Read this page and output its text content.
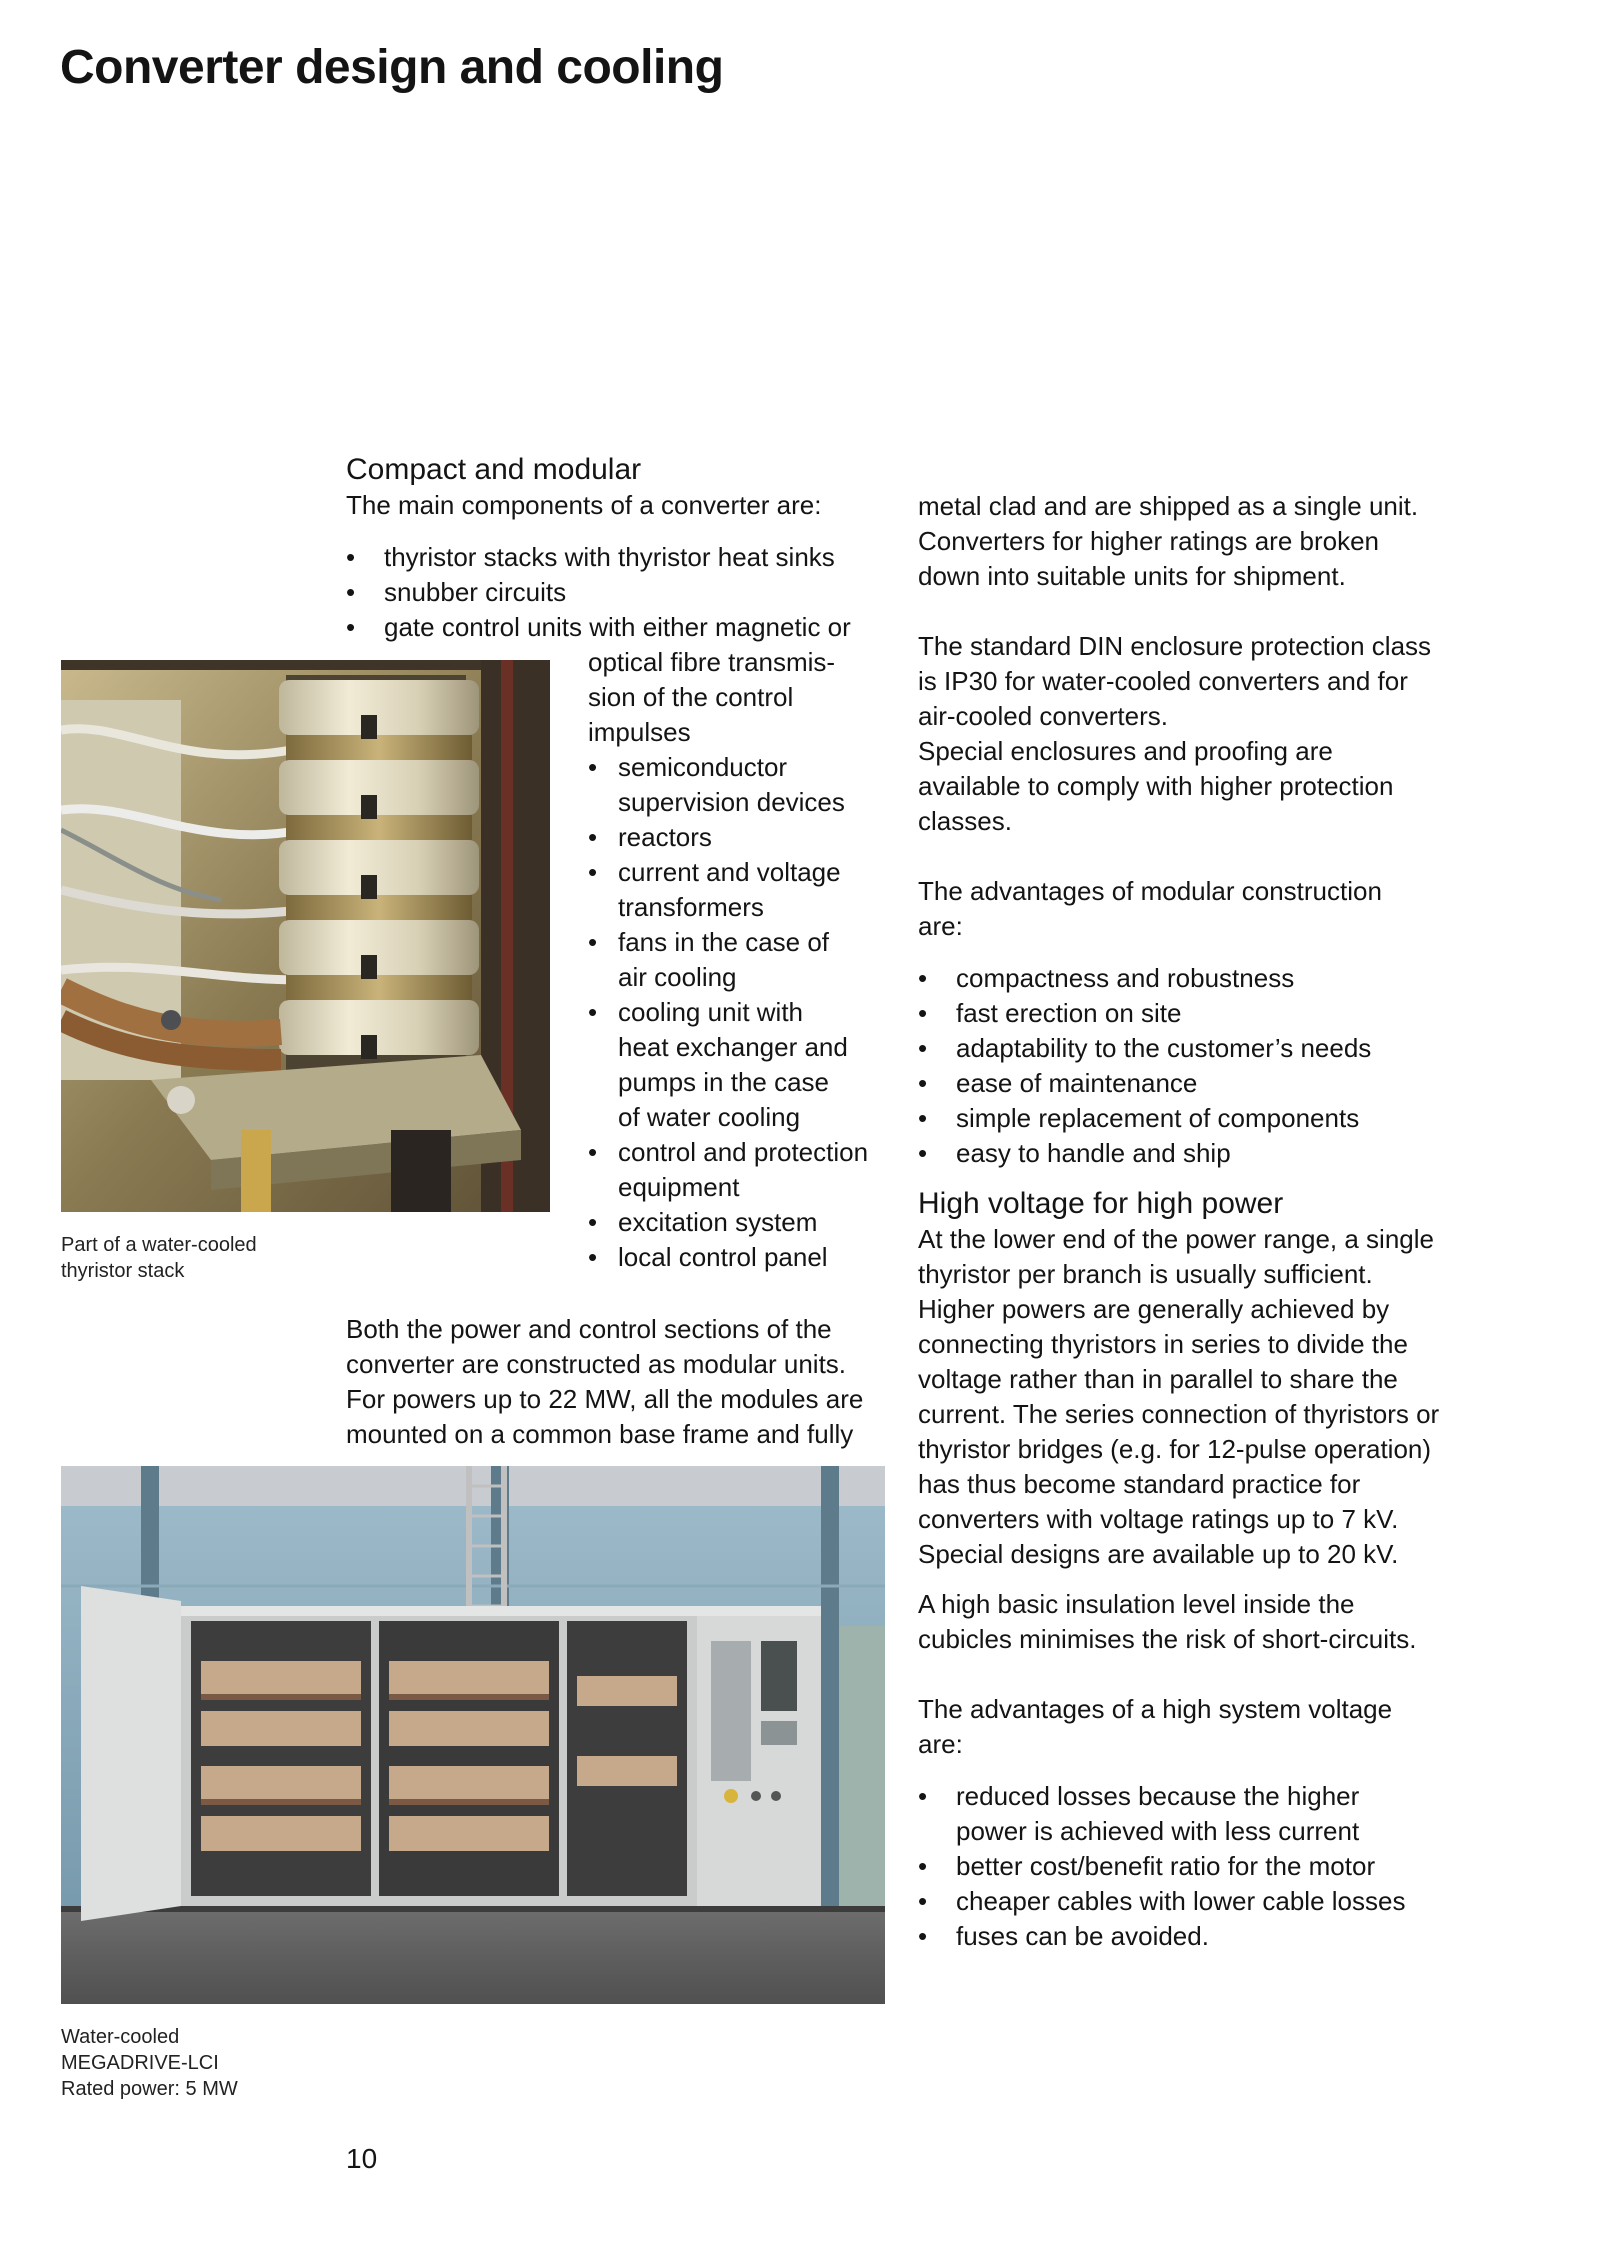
Converter design and cooling
Part of a water-cooled
thyristor stack
Water-cooled
MEGADRIVE-LCI
Rated power: 5 MW
Compact and modular

The main components of a converter are:

• thyristor stacks with thyristor heat sinks
• snubber circuits
• gate control units with either magnetic or
optical fibre transmis-
sion of the control
impulses
• semiconductor
supervision devices
• reactors
• current and voltage
transformers
• fans in the case of
air cooling
• cooling unit with
heat exchanger and
pumps in the case
of water cooling
• control and protection
equipment
• excitation system
• local control panel
Both the power and control sections of the
converter are constructed as modular units.
For powers up to 22 MW, all the modules are
mounted on a common base frame and fully
metal clad and are shipped as a single unit.
Converters for higher ratings are broken
down into suitable units for shipment.
The standard DIN enclosure protection class
is IP30 for water-cooled converters and for
air-cooled converters.
Special enclosures and proofing are
available to comply with higher protection
classes.
The advantages of modular construction
are:
• compactness and robustness
• fast erection on site
• adaptability to the customer’s needs
• ease of maintenance
• simple replacement of components
• easy to handle and ship
High voltage for high power
At the lower end of the power range, a single
thyristor per branch is usually sufficient.
Higher powers are generally achieved by
connecting thyristors in series to divide the
voltage rather than in parallel to share the
current. The series connection of thyristors or
thyristor bridges (e.g. for 12-pulse operation)
has thus become standard practice for
converters with voltage ratings up to 7 kV.
Special designs are available up to 20 kV.
A high basic insulation level inside the
cubicles minimises the risk of short-circuits.
The advantages of a high system voltage
are:
• reduced losses because the higher
power is achieved with less current
• better cost/benefit ratio for the motor
• cheaper cables with lower cable losses
• fuses can be avoided.
10
